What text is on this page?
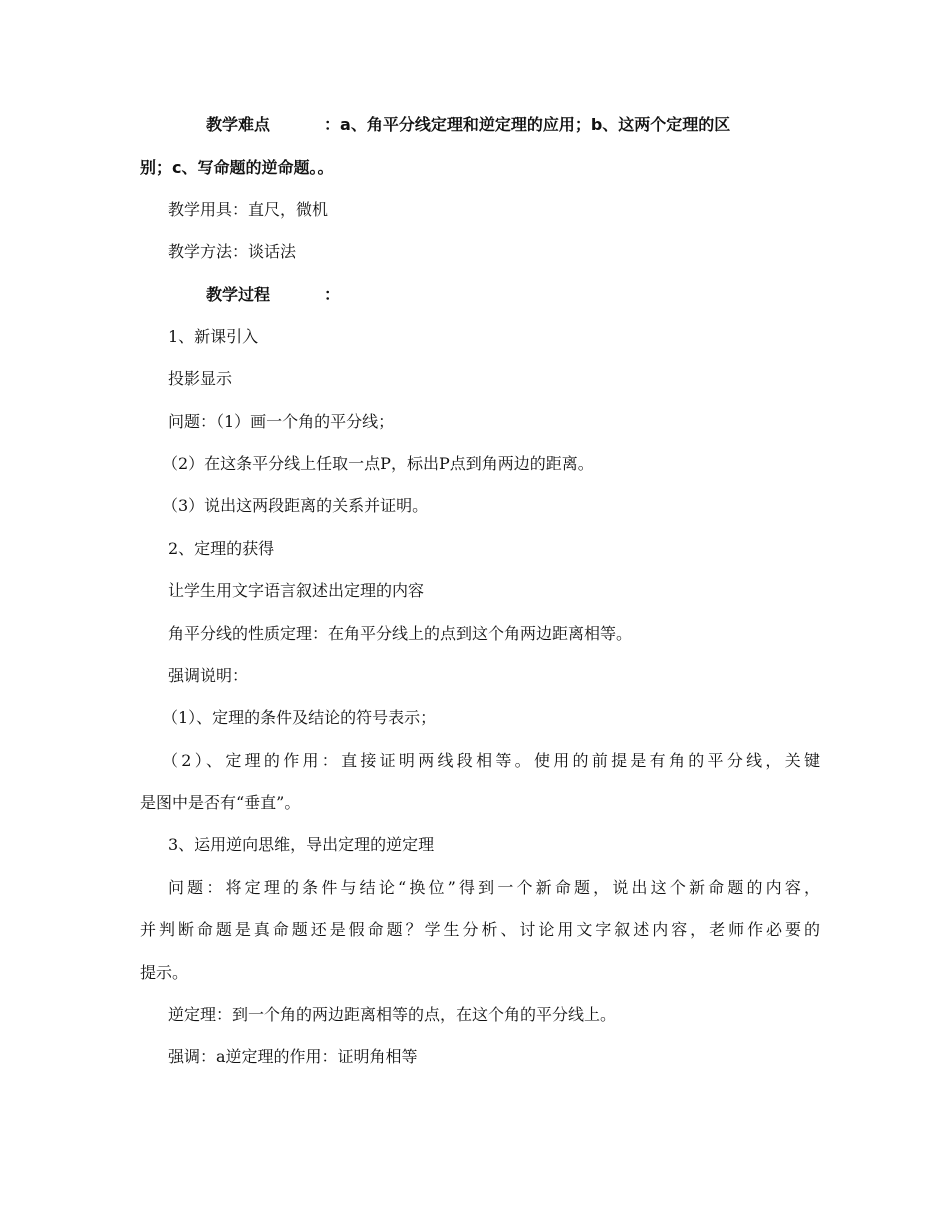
教学难点	：a、角平分线定理和逆定理的应用；b、这两个定理的区
别；c、写命题的逆命题。。
教学用具：直尺，微机
教学方法：谈话法
教学过程	：
1、新课引入
投影显示
问题：（1）画一个角的平分线；
（2）在这条平分线上任取一点P，标出P点到角两边的距离。
（3）说出这两段距离的关系并证明。
2、定理的获得
让学生用文字语言叙述出定理的内容
角平分线的性质定理：在角平分线上的点到这个角两边距离相等。
强调说明：
（1）、定理的条件及结论的符号表示；
（2）、定理的作用：直接证明两线段相等。使用的前提是有角的平分线，关键
是图中是否有“垂直”。
3、运用逆向思维，导出定理的逆定理
问题：将定理的条件与结论“换位”得到一个新命题，说出这个新命题的内容，
并判断命题是真命题还是假命题？学生分析、讨论用文字叙述内容，老师作必要的
提示。
逆定理：到一个角的两边距离相等的点，在这个角的平分线上。
强调：a逆定理的作用：证明角相等
